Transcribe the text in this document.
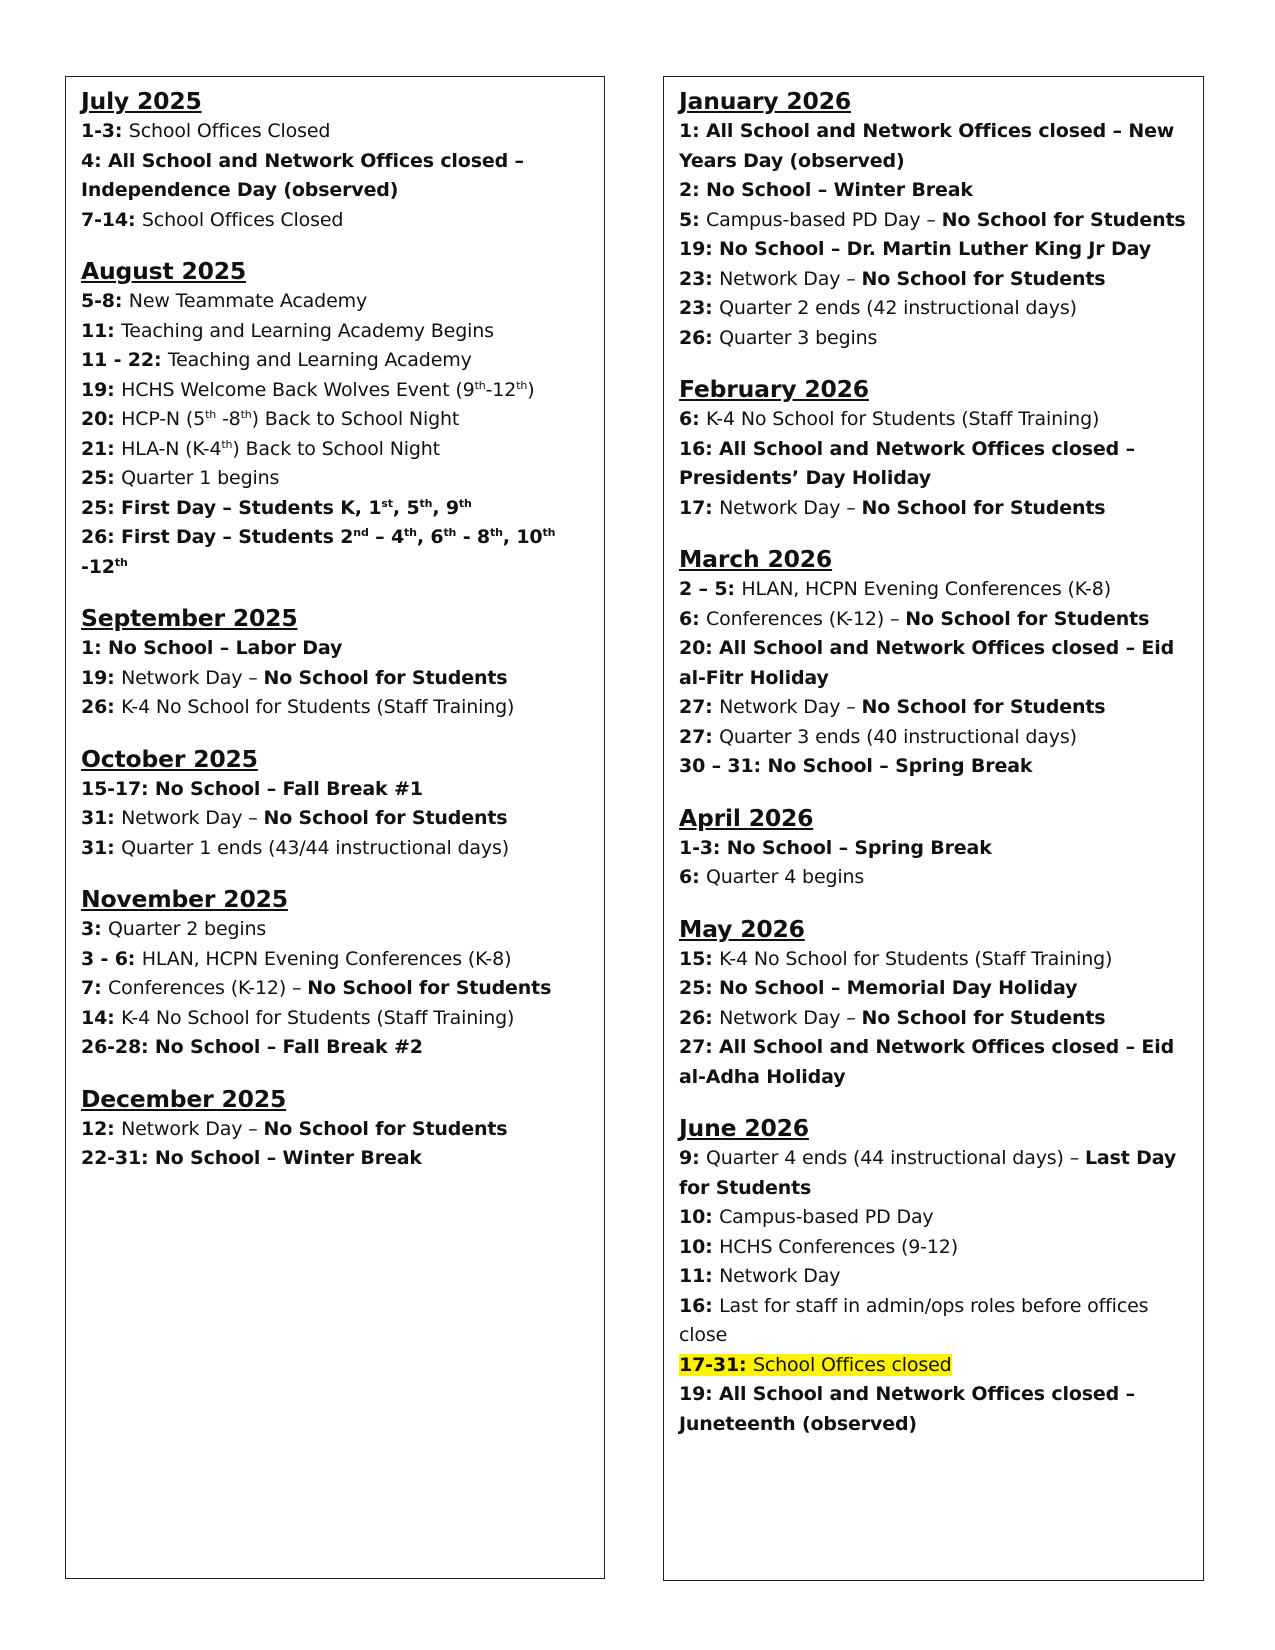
July 2025
1-3: School Offices Closed
4: All School and Network Offices closed – Independence Day (observed)
7-14: School Offices Closed
August 2025
5-8: New Teammate Academy
11: Teaching and Learning Academy Begins
11 - 22: Teaching and Learning Academy
19: HCHS Welcome Back Wolves Event (9th-12th)
20: HCP-N (5th -8th) Back to School Night
21: HLA-N (K-4th) Back to School Night
25: Quarter 1 begins
25: First Day – Students K, 1st, 5th, 9th
26: First Day – Students 2nd – 4th, 6th - 8th, 10th -12th
September 2025
1: No School – Labor Day
19: Network Day – No School for Students
26: K-4 No School for Students (Staff Training)
October 2025
15-17: No School – Fall Break #1
31: Network Day – No School for Students
31: Quarter 1 ends (43/44 instructional days)
November 2025
3: Quarter 2 begins
3 - 6: HLAN, HCPN Evening Conferences (K-8)
7: Conferences (K-12) – No School for Students
14: K-4 No School for Students (Staff Training)
26-28: No School – Fall Break #2
December 2025
12: Network Day – No School for Students
22-31: No School – Winter Break
January 2026
1: All School and Network Offices closed – New Years Day (observed)
2: No School – Winter Break
5: Campus-based PD Day – No School for Students
19: No School – Dr. Martin Luther King Jr Day
23: Network Day – No School for Students
23: Quarter 2 ends (42 instructional days)
26: Quarter 3 begins
February 2026
6: K-4 No School for Students (Staff Training)
16: All School and Network Offices closed – Presidents’ Day Holiday
17: Network Day – No School for Students
March 2026
2 – 5: HLAN, HCPN Evening Conferences (K-8)
6: Conferences (K-12) – No School for Students
20: All School and Network Offices closed – Eid al-Fitr Holiday
27: Network Day – No School for Students
27: Quarter 3 ends (40 instructional days)
30 – 31: No School – Spring Break
April 2026
1-3: No School – Spring Break
6: Quarter 4 begins
May 2026
15: K-4 No School for Students (Staff Training)
25: No School – Memorial Day Holiday
26: Network Day – No School for Students
27: All School and Network Offices closed – Eid al-Adha Holiday
June 2026
9: Quarter 4 ends (44 instructional days) – Last Day for Students
10: Campus-based PD Day
10: HCHS Conferences (9-12)
11: Network Day
16: Last for staff in admin/ops roles before offices close
17-31: School Offices closed
19: All School and Network Offices closed – Juneteenth (observed)
